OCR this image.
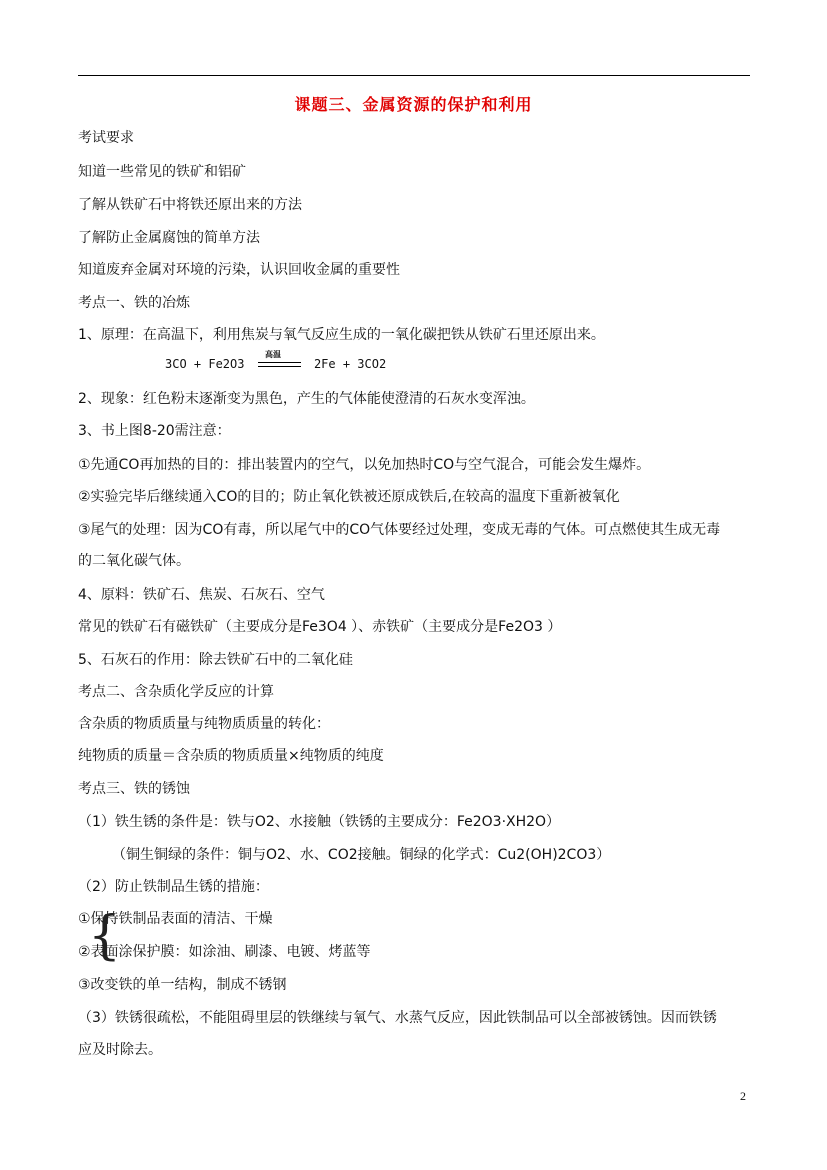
课题三、金属资源的保护和利用
考试要求
知道一些常见的铁矿和铝矿
了解从铁矿石中将铁还原出来的方法
了解防止金属腐蚀的简单方法
知道废弃金属对环境的污染，认识回收金属的重要性
考点一、铁的冶炼
1、原理：在高温下，利用焦炭与氧气反应生成的一氧化碳把铁从铁矿石里还原出来。
3CO + Fe2O3
高温
2Fe + 3CO2
2、现象：红色粉末逐渐变为黑色，产生的气体能使澄清的石灰水变浑浊。
3、书上图8-20需注意：
①先通CO再加热的目的：排出装置内的空气，以免加热时CO与空气混合，可能会发生爆炸。
②实验完毕后继续通入CO的目的；防止氧化铁被还原成铁后,在较高的温度下重新被氧化
③尾气的处理：因为CO有毒，所以尾气中的CO气体要经过处理，变成无毒的气体。可点燃使其生成无毒
的二氧化碳气体。
4、原料：铁矿石、焦炭、石灰石、空气
常见的铁矿石有磁铁矿（主要成分是Fe3O4 ）、赤铁矿（主要成分是Fe2O3 ）
5、石灰石的作用：除去铁矿石中的二氧化硅
考点二、含杂质化学反应的计算
含杂质的物质质量与纯物质质量的转化：
纯物质的质量＝含杂质的物质质量×纯物质的纯度
考点三、铁的锈蚀
（1）铁生锈的条件是：铁与O2、水接触（铁锈的主要成分：Fe2O3·XH2O）
（铜生铜绿的条件：铜与O2、水、CO2接触。铜绿的化学式：Cu2(OH)2CO3）
（2）防止铁制品生锈的措施：
①保持铁制品表面的清洁、干燥
②表面涂保护膜：如涂油、刷漆、电镀、烤蓝等
③改变铁的单一结构，制成不锈钢
（3）铁锈很疏松，不能阻碍里层的铁继续与氧气、水蒸气反应，因此铁制品可以全部被锈蚀。因而铁锈
应及时除去。
{
2
